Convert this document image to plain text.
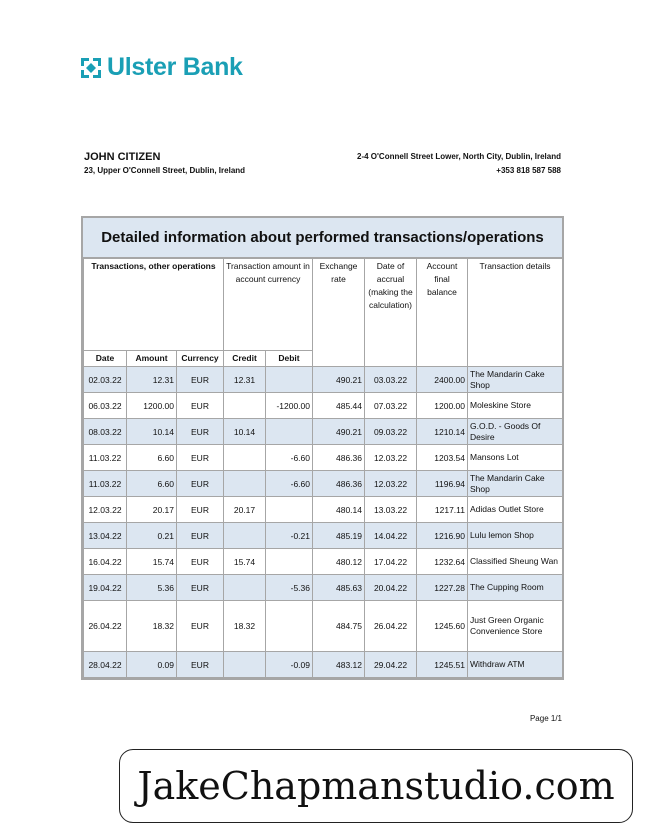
Ulster Bank
JOHN CITIZEN
23, Upper O'Connell Street, Dublin, Ireland
2-4 O'Connell Street Lower, North City, Dublin, Ireland
+353 818 587 588
Detailed information about performed transactions/operations
Transactions, other operations			Transaction amount in account currency		Exchange rate	Date of accrual (making the calculation)	Account final balance	Transaction details
Date	Amount	Currency	Credit	Debit				
02.03.22	12.31	EUR	12.31		490.21	03.03.22	2400.00	The Mandarin Cake Shop
06.03.22	1200.00	EUR		-1200.00	485.44	07.03.22	1200.00	Moleskine Store
08.03.22	10.14	EUR	10.14		490.21	09.03.22	1210.14	G.O.D. - Goods Of Desire
11.03.22	6.60	EUR		-6.60	486.36	12.03.22	1203.54	Mansons Lot
11.03.22	6.60	EUR		-6.60	486.36	12.03.22	1196.94	The Mandarin Cake Shop
12.03.22	20.17	EUR	20.17		480.14	13.03.22	1217.11	Adidas Outlet Store
13.04.22	0.21	EUR		-0.21	485.19	14.04.22	1216.90	Lulu lemon Shop
16.04.22	15.74	EUR	15.74		480.12	17.04.22	1232.64	Classified Sheung Wan
19.04.22	5.36	EUR		-5.36	485.63	20.04.22	1227.28	The Cupping Room
26.04.22	18.32	EUR	18.32		484.75	26.04.22	1245.60	Just Green Organic Convenience Store
28.04.22	0.09	EUR		-0.09	483.12	29.04.22	1245.51	Withdraw ATM
Page 1/1
JakeChapmanstudio.com
